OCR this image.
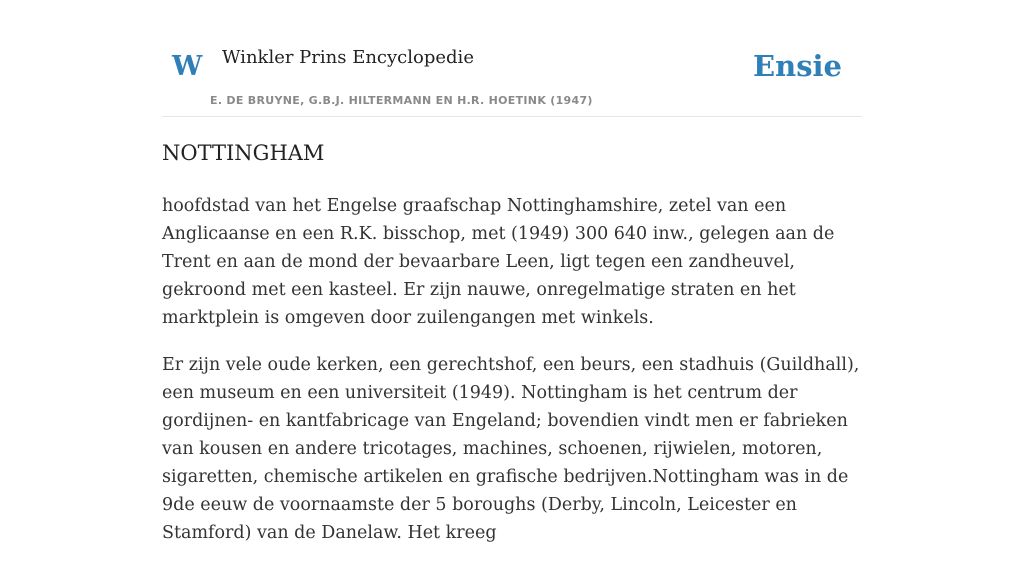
W Winkler Prins Encyclopedie
E. DE BRUYNE, G.B.J. HILTERMANN EN H.R. HOETINK (1947)
Ensie
NOTTINGHAM

hoofdstad van het Engelse graafschap Nottinghamshire, zetel van een Anglicaanse en een R.K. bisschop, met (1949) 300 640 inw., gelegen aan de Trent en aan de mond der bevaarbare Leen, ligt tegen een zandheuvel, gekroond met een kasteel. Er zijn nauwe, onregelmatige straten en het marktplein is omgeven door zuilengangen met winkels.

Er zijn vele oude kerken, een gerechtshof, een beurs, een stadhuis (Guildhall), een museum en een universiteit (1949). Nottingham is het centrum der gordijnen- en kantfabricage van Engeland; bovendien vindt men er fabrieken van kousen en andere tricotages, machines, schoenen, rijwielen, motoren, sigaretten, chemische artikelen en grafische bedrijven.Nottingham was in de 9de eeuw de voornaamste der 5 boroughs (Derby, Lincoln, Leicester en Stamford) van de Danelaw. Het kreeg
